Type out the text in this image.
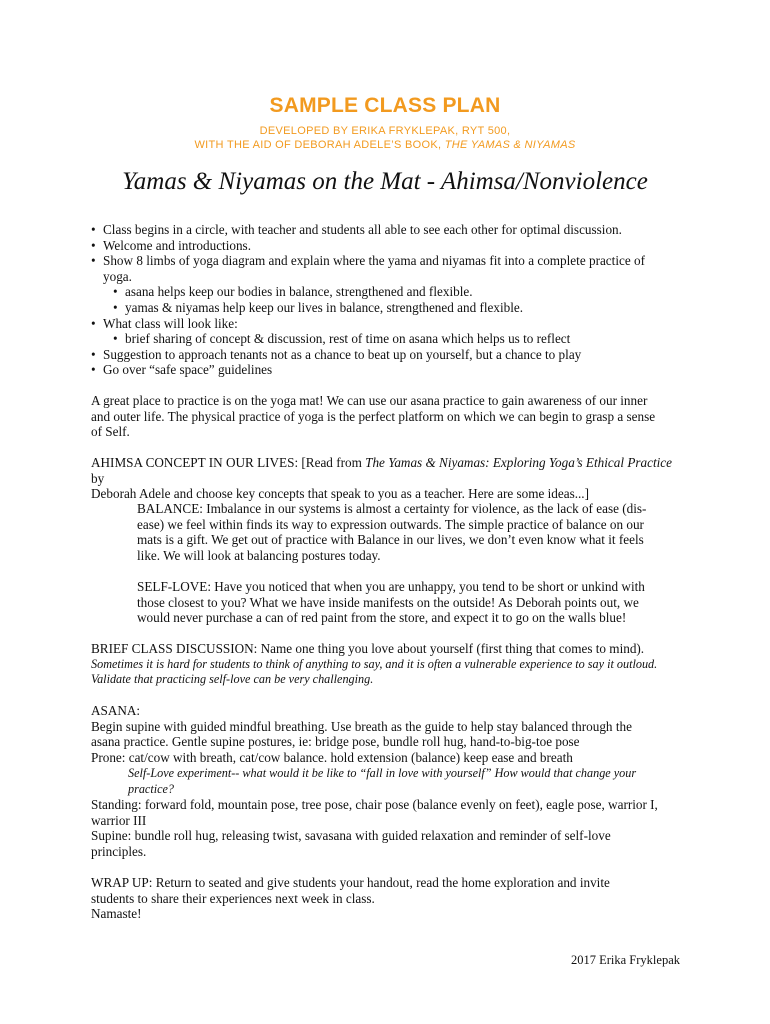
SAMPLE CLASS PLAN
DEVELOPED BY ERIKA FRYKLEPAK, RYT 500,
WITH THE AID OF DEBORAH ADELE’S BOOK, THE YAMAS & NIYAMAS
Yamas & Niyamas on the Mat - Ahimsa/Nonviolence
• Class begins in a circle, with teacher and students all able to see each other for optimal discussion.
• Welcome and introductions.
• Show 8 limbs of yoga diagram and explain where the yama and niyamas fit into a complete practice of
yoga.
• asana helps keep our bodies in balance, strengthened and flexible.
• yamas & niyamas help keep our lives in balance, strengthened and flexible.
• What class will look like:
• brief sharing of concept & discussion, rest of time on asana which helps us to reflect
• Suggestion to approach tenants not as a chance to beat up on yourself, but a chance to play
• Go over “safe space” guidelines
A great place to practice is on the yoga mat! We can use our asana practice to gain awareness of our inner
and outer life. The physical practice of yoga is the perfect platform on which we can begin to grasp a sense
of Self.
AHIMSA CONCEPT IN OUR LIVES: [Read from The Yamas & Niyamas: Exploring Yoga’s Ethical Practice by
Deborah Adele and choose key concepts that speak to you as a teacher. Here are some ideas...]
BALANCE: Imbalance in our systems is almost a certainty for violence, as the lack of ease (dis-
ease) we feel within finds its way to expression outwards. The simple practice of balance on our
mats is a gift. We get out of practice with Balance in our lives, we don’t even know what it feels
like. We will look at balancing postures today.
SELF-LOVE: Have you noticed that when you are unhappy, you tend to be short or unkind with
those closest to you? What we have inside manifests on the outside! As Deborah points out, we
would never purchase a can of red paint from the store, and expect it to go on the walls blue!
BRIEF CLASS DISCUSSION: Name one thing you love about yourself (first thing that comes to mind).
Sometimes it is hard for students to think of anything to say, and it is often a vulnerable experience to say it outloud.
Validate that practicing self-love can be very challenging.
ASANA:
Begin supine with guided mindful breathing. Use breath as the guide to help stay balanced through the
asana practice. Gentle supine postures, ie: bridge pose, bundle roll hug, hand-to-big-toe pose
Prone: cat/cow with breath, cat/cow balance. hold extension (balance) keep ease and breath
Self-Love experiment-- what would it be like to “fall in love with yourself” How would that change your
practice?
Standing: forward fold, mountain pose, tree pose, chair pose (balance evenly on feet), eagle pose, warrior I,
warrior III
Supine: bundle roll hug, releasing twist, savasana with guided relaxation and reminder of self-love
principles.
WRAP UP: Return to seated and give students your handout, read the home exploration and invite
students to share their experiences next week in class.
Namaste!
2017 Erika Fryklepak
